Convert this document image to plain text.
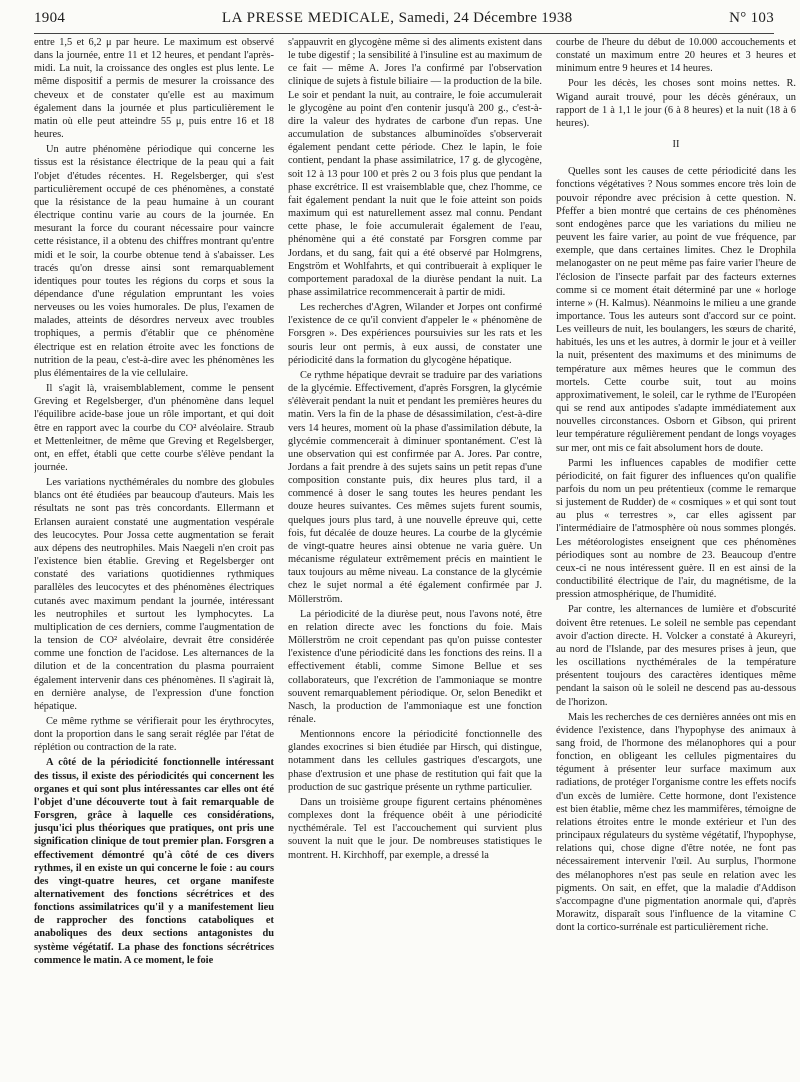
1904	LA PRESSE MEDICALE, Samedi, 24 Décembre 1938	N° 103

entre 1,5 et 6,2 μ par heure. Le maximum est observé dans la journée, entre 11 et 12 heures, et pendant l'après-midi. La nuit, la croissance des ongles est plus lente. Le même dispositif a permis de mesurer la croissance des cheveux et de constater qu'elle est au maximum également dans la journée et plus particulièrement le matin où elle peut atteindre 55 μ, puis entre 16 et 18 heures.

Un autre phénomène périodique qui concerne les tissus est la résistance électrique de la peau qui a fait l'objet d'études récentes. H. Regelsberger, qui s'est particulièrement occupé de ces phénomènes, a constaté que la résistance de la peau humaine à un courant électrique continu varie au cours de la journée. En mesurant la force du courant nécessaire pour vaincre cette résistance, il a obtenu des chiffres montrant qu'entre midi et le soir, la courbe obtenue tend à s'abaisser. Les tracés qu'on dresse ainsi sont remarquablement identiques pour toutes les régions du corps et sous la dépendance d'une régulation empruntant les voies nerveuses ou les voies humorales. De plus, l'examen de malades, atteints de désordres nerveux avec troubles trophiques, a permis d'établir que ce phénomène électrique est en relation étroite avec les fonctions de nutrition de la peau, c'est-à-dire avec les phénomènes les plus élémentaires de la vie cellulaire.

Il s'agit là, vraisemblablement, comme le pensent Greving et Regelsberger, d'un phénomène dans lequel l'équilibre acide-base joue un rôle important, et qui doit être en rapport avec la courbe du CO² alvéolaire. Straub et Mettenleitner, de même que Greving et Regelsberger, ont, en effet, établi que cette courbe s'élève pendant la journée.

Les variations nycthémérales du nombre des globules blancs ont été étudiées par beaucoup d'auteurs. Mais les résultats ne sont pas très concordants. Ellermann et Erlansen auraient constaté une augmentation vespérale des leucocytes. Pour Jossa cette augmentation se ferait aux dépens des neutrophiles. Mais Naegeli n'en croit pas l'existence bien établie. Greving et Regelsberger ont constaté des variations quotidiennes rythmiques parallèles des leucocytes et des phénomènes électriques cutanés avec maximum pendant la journée, intéressant les neutrophiles et surtout les lymphocytes. La multiplication de ces derniers, comme l'augmentation de la tension de CO² alvéolaire, devrait être considérée comme une fonction de l'acidose. Les alternances de la dilution et de la concentration du plasma pourraient également intervenir dans ces phénomènes. Il s'agirait là, en dernière analyse, de l'expression d'une fonction hépatique.

Ce même rythme se vérifierait pour les érythrocytes, dont la proportion dans le sang serait réglée par l'état de réplétion ou contraction de la rate.

A côté de la périodicité fonctionnelle intéressant des tissus, il existe des périodicités qui concernent les organes et qui sont plus intéressantes car elles ont été l'objet d'une découverte tout à fait remarquable de Forsgren, grâce à laquelle ces considérations, jusqu'ici plus théoriques que pratiques, ont pris une signification clinique de tout premier plan. Forsgren a effectivement démontré qu'à côté de ces divers rythmes, il en existe un qui concerne le foie : au cours des vingt-quatre heures, cet organe manifeste alternativement des fonctions sécrétrices et des fonctions assimilatrices qu'il y a manifestement lieu de rapprocher des fonctions cataboliques et anaboliques des deux sections antagonistes du système végétatif. La phase des fonctions sécrétrices commence le matin. A ce moment, le foie

s'appauvrit en glycogène même si des aliments existent dans le tube digestif ; la sensibilité à l'insuline est au maximum de ce fait — même A. Jores l'a confirmé par l'observation clinique de sujets à fistule biliaire — la production de la bile. Le soir et pendant la nuit, au contraire, le foie accumulerait le glycogène au point d'en contenir jusqu'à 200 g., c'est-à-dire la valeur des hydrates de carbone d'un repas. Une accumulation de substances albuminoïdes s'observerait également pendant cette période. Chez le lapin, le foie contient, pendant la phase assimilatrice, 17 g. de glycogène, soit 12 à 13 pour 100 et près 2 ou 3 fois plus que pendant la phase excrétrice. Il est vraisemblable que, chez l'homme, ce fait également pendant la nuit que le foie atteint son poids maximum qui est naturellement assez mal connu. Pendant cette phase, le foie accumulerait également de l'eau, phénomène qui a été constaté par Forsgren comme par Jordans, et du sang, fait qui a été observé par Holmgrens, Engström et Wohlfahrts, et qui contribuerait à expliquer le comportement paradoxal de la diurèse pendant la nuit. La phase assimilatrice recommencerait à partir de midi.

Les recherches d'Agren, Wilander et Jorpes ont confirmé l'existence de ce qu'il convient d'appeler le « phénomène de Forsgren ». Des expériences poursuivies sur les rats et les souris leur ont permis, à eux aussi, de constater une périodicité dans la formation du glycogène hépatique.

Ce rythme hépatique devrait se traduire par des variations de la glycémie. Effectivement, d'après Forsgren, la glycémie s'élèverait pendant la nuit et pendant les premières heures du matin. Vers la fin de la phase de désassimilation, c'est-à-dire vers 14 heures, moment où la phase d'assimilation débute, la glycémie commencerait à diminuer spontanément. C'est là une observation qui est confirmée par A. Jores. Par contre, Jordans a fait prendre à des sujets sains un petit repas d'une composition constante puis, dix heures plus tard, il a commencé à doser le sang toutes les heures pendant les douze heures suivantes. Ces mêmes sujets furent soumis, quelques jours plus tard, à une nouvelle épreuve qui, cette fois, fut décalée de douze heures. La courbe de la glycémie de vingt-quatre heures ainsi obtenue ne varia guère. Un mécanisme régulateur extrêmement précis en maintient le taux toujours au même niveau. La constance de la glycémie chez le sujet normal a été également confirmée par J. Möllerström.

La périodicité de la diurèse peut, nous l'avons noté, être en relation directe avec les fonctions du foie. Mais Möllerström ne croit cependant pas qu'on puisse contester l'existence d'une périodicité dans les fonctions des reins. Il a effectivement établi, comme Simone Bellue et ses collaborateurs, que l'excrétion de l'ammoniaque se montre souvent remarquablement périodique. Or, selon Benedikt et Nasch, la production de l'ammoniaque est une fonction rénale.

Mentionnons encore la périodicité fonctionnelle des glandes exocrines si bien étudiée par Hirsch, qui distingue, notamment dans les cellules gastriques d'escargots, une phase d'extrusion et une phase de restitution qui fait que la production de suc gastrique présente un rythme particulier.

Dans un troisième groupe figurent certains phénomènes complexes dont la fréquence obéit à une périodicité nycthémérale. Tel est l'accouchement qui survient plus souvent la nuit que le jour. De nombreuses statistiques le montrent. H. Kirchhoff, par exemple, a dressé la

courbe de l'heure du début de 10.000 accouchements et constaté un maximum entre 20 heures et 3 heures et minimum entre 9 heures et 14 heures.

Pour les décès, les choses sont moins nettes. R. Wigand aurait trouvé, pour les décès généraux, un rapport de 1 à 1,1 le jour (6 à 8 heures) et la nuit (18 à 6 heures).

II

Quelles sont les causes de cette périodicité dans les fonctions végétatives ? Nous sommes encore très loin de pouvoir répondre avec précision à cette question. N. Pfeffer a bien montré que certains de ces phénomènes sont endogènes parce que les variations du milieu ne peuvent les faire varier, au point de vue fréquence, par exemple, que dans certaines limites. Chez le Drophila melanogaster on ne peut même pas faire varier l'heure de l'éclosion de l'insecte parfait par des facteurs externes comme si ce moment était déterminé par une « horloge interne » (H. Kalmus). Néanmoins le milieu a une grande importance. Tous les auteurs sont d'accord sur ce point. Les veilleurs de nuit, les boulangers, les sœurs de charité, habitués, les uns et les autres, à dormir le jour et à veiller la nuit, présentent des maximums et des minimums de température aux mêmes heures que le commun des mortels. Cette courbe suit, tout au moins approximativement, le soleil, car le rythme de l'Européen qui se rend aux antipodes s'adapte immédiatement aux nouvelles circonstances. Osborn et Gibson, qui prirent leur température régulièrement pendant de longs voyages sur mer, ont mis ce fait absolument hors de doute.

Parmi les influences capables de modifier cette périodicité, on fait figurer des influences qu'on qualifie parfois du nom un peu prétentieux (comme le remarque si justement de Rudder) de « cosmiques » et qui sont tout au plus « terrestres », car elles agissent par l'intermédiaire de l'atmosphère où nous sommes plongés. Les météorologistes enseignent que ces phénomènes périodiques sont au nombre de 23. Beaucoup d'entre ceux-ci ne nous intéressent guère. Il en est ainsi de la conductibilité électrique de l'air, du magnétisme, de la pression atmosphérique, de l'humidité.

Par contre, les alternances de lumière et d'obscurité doivent être retenues. Le soleil ne semble pas cependant avoir d'action directe. H. Volcker a constaté à Akureyri, au nord de l'Islande, par des mesures prises à jeun, que les oscillations nycthémérales de la température présentent toujours des caractères identiques même pendant la saison où le soleil ne descend pas au-dessous de l'horizon.

Mais les recherches de ces dernières années ont mis en évidence l'existence, dans l'hypophyse des animaux à sang froid, de l'hormone des mélanophores qui a pour fonction, en obligeant les cellules pigmentaires du tégument à présenter leur surface maximum aux radiations, de protéger l'organisme contre les effets nocifs d'un excès de lumière. Cette hormone, dont l'existence est bien établie, même chez les mammifères, témoigne de relations étroites entre le monde extérieur et l'un des principaux régulateurs du système végétatif, l'hypophyse, relations qui, chose digne d'être notée, ne font pas nécessairement intervenir l'œil. Au surplus, l'hormone des mélanophores n'est pas seule en relation avec les pigments. On sait, en effet, que la maladie d'Addison s'accompagne d'une pigmentation anormale qui, d'après Morawitz, disparaît sous l'influence de la vitamine C dont la cortico-surrénale est particulièrement riche.
